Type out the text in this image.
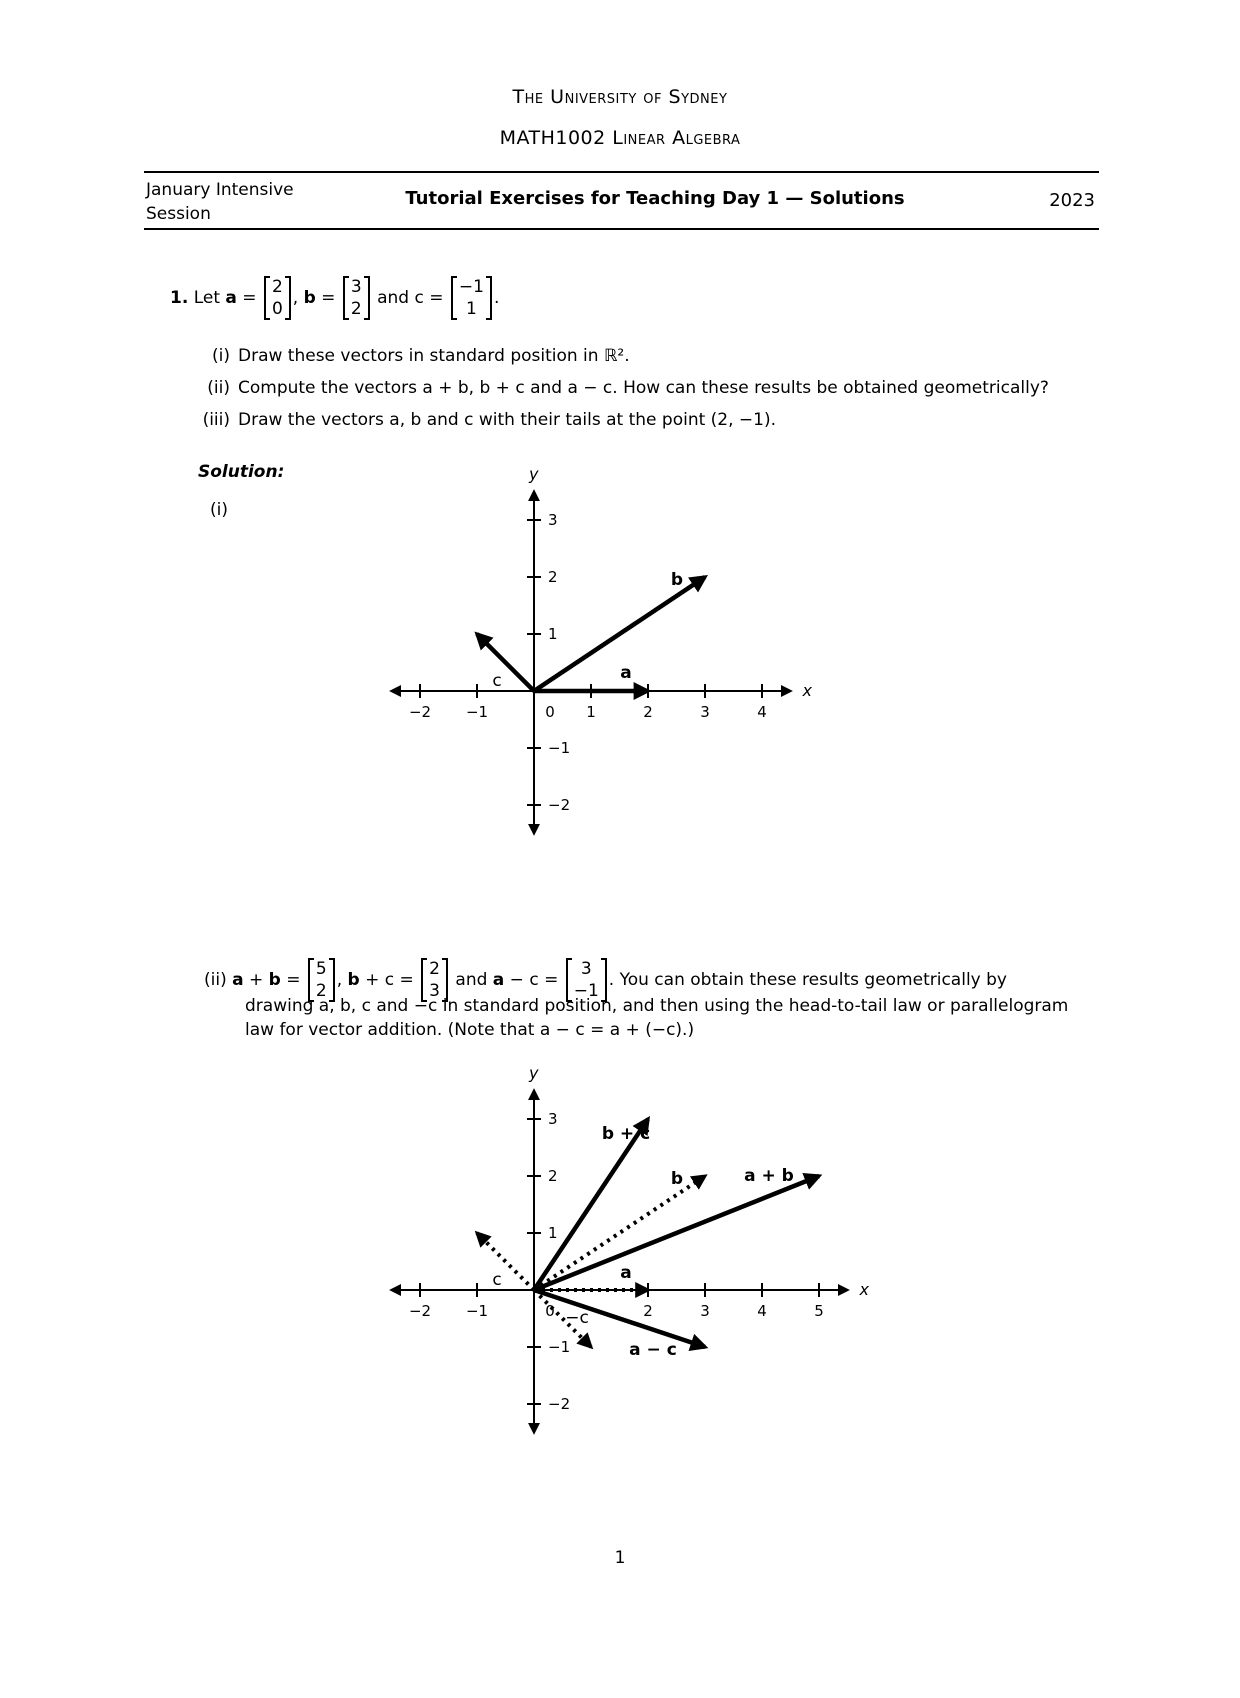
The University of Sydney
MATH1002 Linear Algebra
January Intensive
Session
Tutorial Exercises for Teaching Day 1 — Solutions	2023
1. Let a =
2
0
, b =
3
2
and c =
−1
1
.
(i) Draw these vectors in standard position in ℝ².
(ii) Compute the vectors a + b, b + c and a − c. How can these results be obtained geometrically?
(iii) Draw the vectors a, b and c with their tails at the point (2, −1).
Solution:
(i)
x
y
−2 −1	0 1	2	3	4
3
2
1
−1
−2
a
b
c
(ii) a + b =
5
2
, b + c =
2
3
and a − c =
3
−1
. You can obtain these results geometrically by
drawing a, b, c and −c in standard position, and then using the head-to-tail law or parallelogram
law for vector addition. (Note that a − c = a + (−c).)
x
y
−2 −1	0	2	3	4	5
3
2
1
−1
−2
b + c
b	a + b
c	a
−c
a − c
1
